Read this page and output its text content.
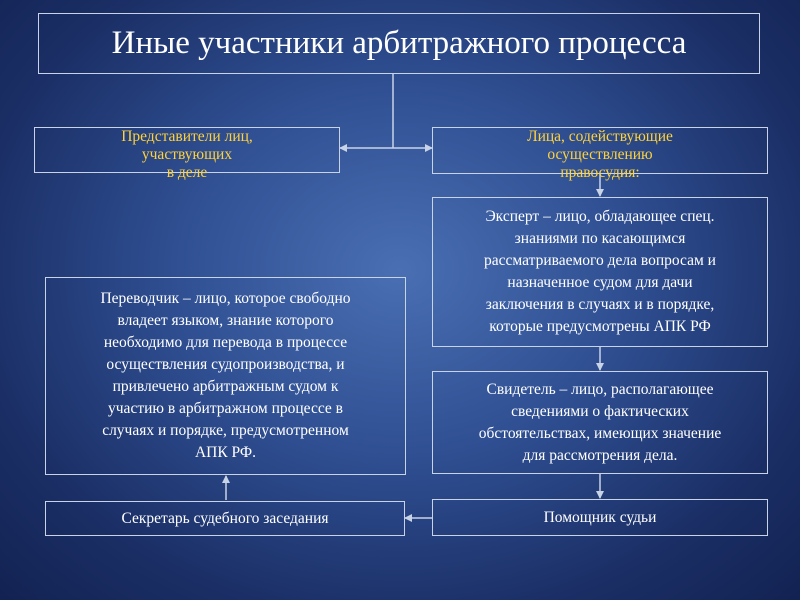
Иные участники арбитражного процесса
Представители лиц,
участвующих
в деле
Лица, содействующие
осуществлению
правосудия:
Эксперт – лицо, обладающее спец.
знаниями по касающимся
рассматриваемого дела вопросам и
назначенное судом для дачи
заключения в случаях и в порядке,
которые предусмотрены АПК РФ
Свидетель – лицо, располагающее
сведениями о фактических
обстоятельствах, имеющих значение
для рассмотрения дела.
Помощник судьи
Секретарь судебного заседания
Переводчик – лицо, которое свободно
владеет языком, знание которого
необходимо для перевода в процессе
осуществления судопроизводства, и
привлечено арбитражным судом к
участию в арбитражном процессе в
случаях и порядке, предусмотренном
АПК РФ.
